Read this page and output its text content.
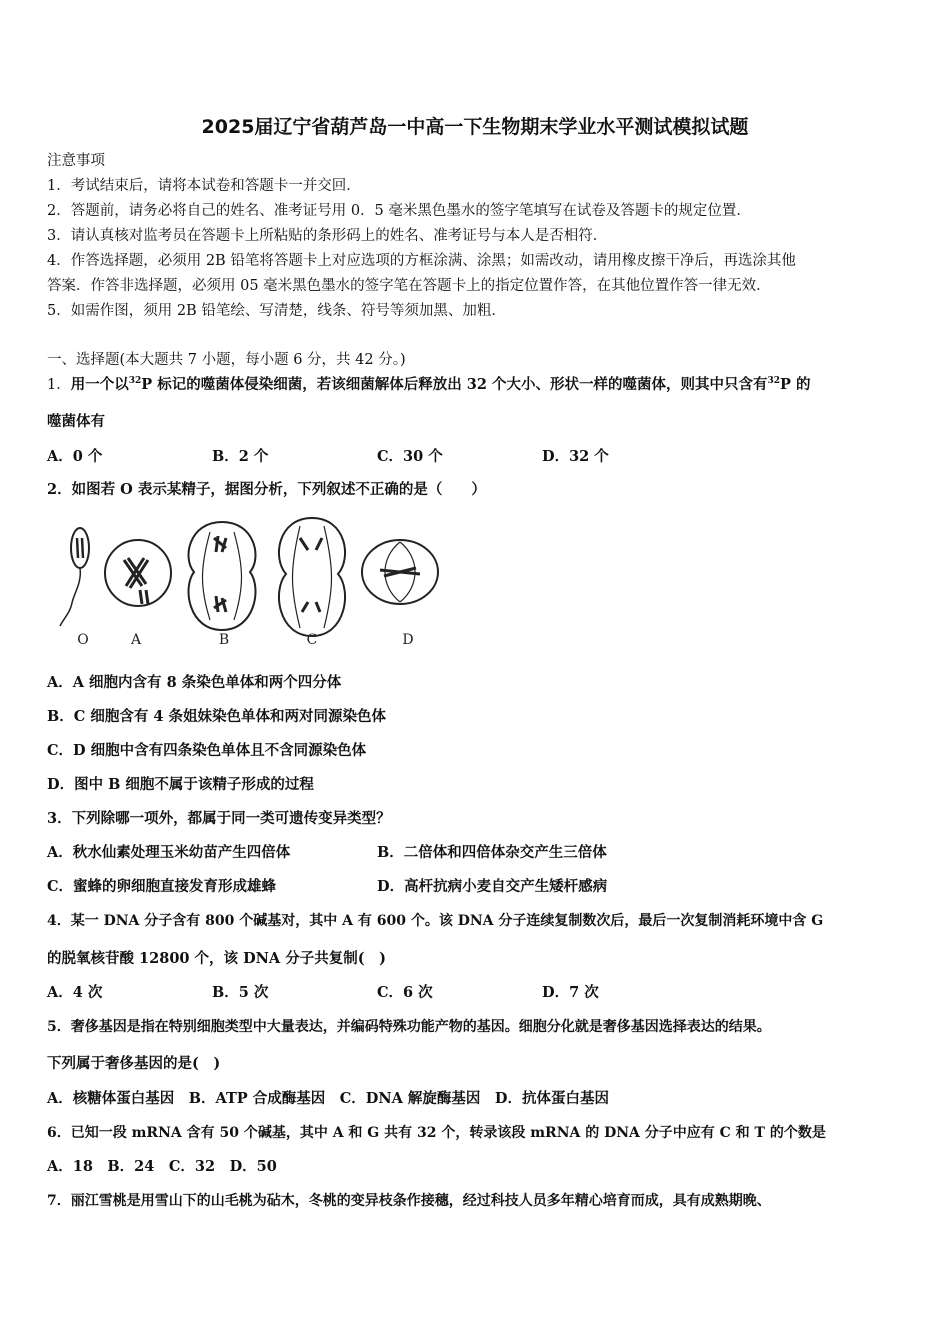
2025届辽宁省葫芦岛一中高一下生物期末学业水平测试模拟试题
注意事项
1．考试结束后，请将本试卷和答题卡一并交回．
2．答题前，请务必将自己的姓名、准考证号用 0．5 毫米黑色墨水的签字笔填写在试卷及答题卡的规定位置．
3．请认真核对监考员在答题卡上所粘贴的条形码上的姓名、准考证号与本人是否相符．
4．作答选择题，必须用 2B 铅笔将答题卡上对应选项的方框涂满、涂黑；如需改动，请用橡皮擦干净后，再选涂其他
答案．作答非选择题，必须用 05 毫米黑色墨水的签字笔在答题卡上的指定位置作答，在其他位置作答一律无效．
5．如需作图，须用 2B 铅笔绘、写清楚，线条、符号等须加黑、加粗．
一、选择题(本大题共 7 小题，每小题 6 分，共 42 分。)
1．用一个以$^{32}$P 标记的噬菌体侵染细菌，若该细菌解体后释放出 32 个大小、形状一样的噬菌体，则其中只含有$^{32}$P 的
噬菌体有
A．0 个	B．2 个	C．30 个	D．32 个
2．如图若 O 表示某精子，据图分析，下列叙述不正确的是（　　）
O	A	B	C	D
A．A 细胞内含有 8 条染色单体和两个四分体
B．C 细胞含有 4 条姐妹染色单体和两对同源染色体
C．D 细胞中含有四条染色单体且不含同源染色体
D．图中 B 细胞不属于该精子形成的过程
3．下列除哪一项外，都属于同一类可遗传变异类型？
A．秋水仙素处理玉米幼苗产生四倍体	B．二倍体和四倍体杂交产生三倍体
C．蜜蜂的卵细胞直接发育形成雄蜂	D．高杆抗病小麦自交产生矮杆感病
4．某一 DNA 分子含有 800 个碱基对，其中 A 有 600 个。该 DNA 分子连续复制数次后，最后一次复制消耗环境中含 G
的脱氧核苷酸 12800 个，该 DNA 分子共复制(　)
A．4 次	B．5 次	C．6 次	D．7 次
5．奢侈基因是指在特别细胞类型中大量表达，并编码特殊功能产物的基因。细胞分化就是奢侈基因选择表达的结果。
下列属于奢侈基因的是(　)
A．核糖体蛋白基因　B．ATP 合成酶基因　C．DNA 解旋酶基因　D．抗体蛋白基因
6．已知一段 mRNA 含有 50 个碱基，其中 A 和 G 共有 32 个，转录该段 mRNA 的 DNA 分子中应有 C 和 T 的个数是
A．18　B．24　C．32　D．50
7．丽江雪桃是用雪山下的山毛桃为砧木，冬桃的变异枝条作接穗，经过科技人员多年精心培育而成，具有成熟期晚、
